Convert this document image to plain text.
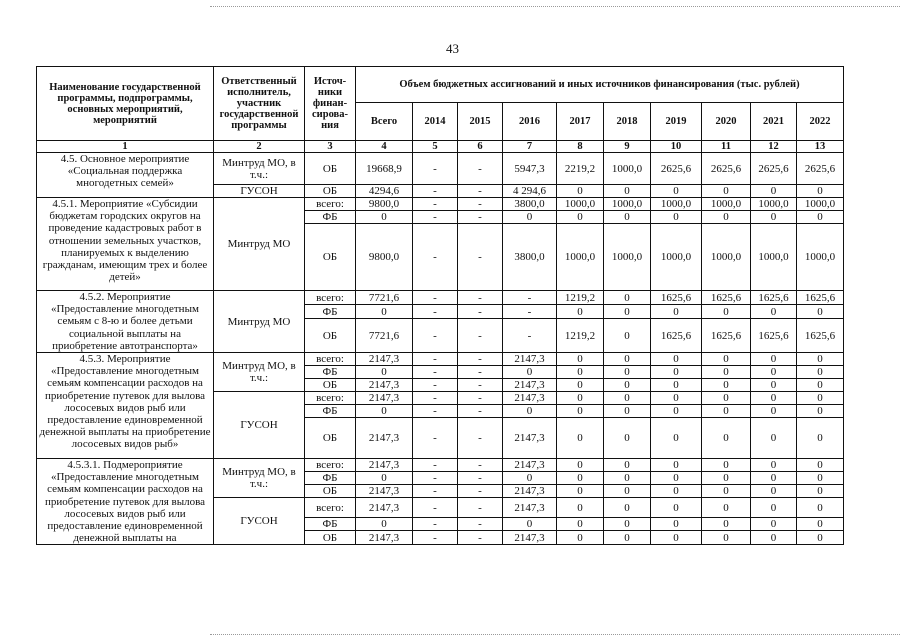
43
Наименование государственной программы, подпрограммы, основных мероприятий, мероприятий	Ответственный исполнитель, участник государственной программы	Источ-ники финан-сирова-ния	Объем бюджетных ассигнований и иных источников финансирования (тыс. рублей)									
			Всего	2014	2015	2016	2017	2018	2019	2020	2021	2022
1	2	3	4	5	6	7	8	9	10	11	12	13
4.5. Основное мероприятие «Социальная поддержка многодетных семей»	Минтруд МО, в т.ч.:	ОБ	19668,9	-	-	5947,3	2219,2	1000,0	2625,6	2625,6	2625,6	2625,6
	ГУСОН	ОБ	4294,6	-	-	4 294,6	0	0	0	0	0	0
4.5.1. Мероприятие «Субсидии бюджетам городских округов на проведение кадастровых работ в отношении земельных участков, планируемых к выделению гражданам, имеющим трех и более детей»	Минтруд МО	всего:	9800,0	-	-	3800,0	1000,0	1000,0	1000,0	1000,0	1000,0	1000,0
		ФБ	0	-	-	0	0	0	0	0	0	0
		ОБ	9800,0	-	-	3800,0	1000,0	1000,0	1000,0	1000,0	1000,0	1000,0
4.5.2. Мероприятие «Предоставление многодетным семьям с 8-ю и более детьми социальной выплаты на приобретение автотранспорта»	Минтруд МО	всего:	7721,6	-	-	-	1219,2	0	1625,6	1625,6	1625,6	1625,6
		ФБ	0	-	-	-	0	0	0	0	0	0
		ОБ	7721,6	-	-	-	1219,2	0	1625,6	1625,6	1625,6	1625,6
4.5.3. Мероприятие «Предоставление многодетным семьям компенсации расходов на приобретение путевок для вылова лососевых видов рыб или предоставление единовременной денежной выплаты на приобретение лососевых видов рыб»	Минтруд МО, в т.ч.:	всего:	2147,3	-	-	2147,3	0	0	0	0	0	0
		ФБ	0	-	-	0	0	0	0	0	0	0
		ОБ	2147,3	-	-	2147,3	0	0	0	0	0	0
	ГУСОН	всего:	2147,3	-	-	2147,3	0	0	0	0	0	0
		ФБ	0	-	-	0	0	0	0	0	0	0
		ОБ	2147,3	-	-	2147,3	0	0	0	0	0	0
4.5.3.1. Подмероприятие «Предоставление многодетным семьям компенсации расходов на приобретение путевок для вылова лососевых видов рыб или предоставление единовременной денежной выплаты на	Минтруд МО, в т.ч.:	всего:	2147,3	-	-	2147,3	0	0	0	0	0	0
		ФБ	0	-	-	0	0	0	0	0	0	0
		ОБ	2147,3	-	-	2147,3	0	0	0	0	0	0
	ГУСОН	всего:	2147,3	-	-	2147,3	0	0	0	0	0	0
		ФБ	0	-	-	0	0	0	0	0	0	0
		ОБ	2147,3	-	-	2147,3	0	0	0	0	0	0
